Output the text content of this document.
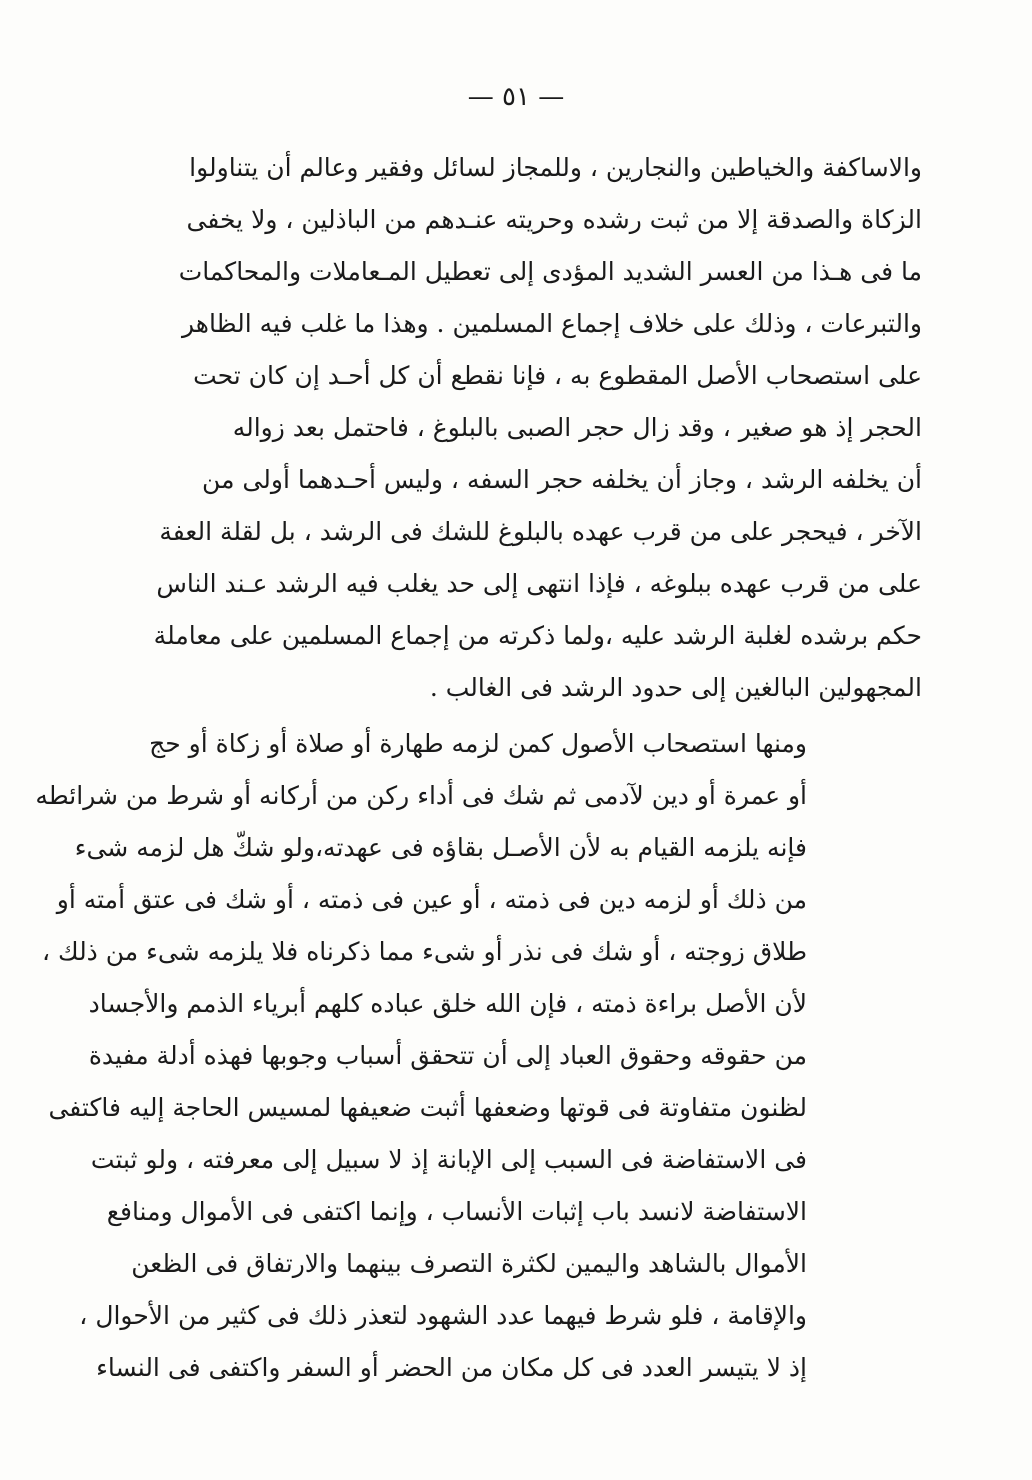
— ٥١ —
والاساكفة والخياطين والنجارين ، وللمجاز لسائل وفقير وعالم أن يتناولوا
الزكاة والصدقة إلا من ثبت رشده وحريته عنـدهم من الباذلين ، ولا يخفى
ما فى هـذا من العسر الشديد المؤدى إلى تعطيل المـعاملات والمحاكمات
والتبرعات ، وذلك على خلاف إجماع المسلمين . وهذا ما غلب فيه الظاهر
على استصحاب الأصل المقطوع به ، فإنا نقطع أن كل أحـد إن كان تحت
الحجر إذ هو صغير ، وقد زال حجر الصبى بالبلوغ ، فاحتمل بعد زواله
أن يخلفه الرشد ، وجاز أن يخلفه حجر السفه ، وليس أحـدهما أولى من
الآخر ، فيحجر على من قرب عهده بالبلوغ للشك فى الرشد ، بل لقلة العفة
على من قرب عهده ببلوغه ، فإذا انتهى إلى حد يغلب فيه الرشد عـند الناس
حكم برشده لغلبة الرشد عليه ،ولما ذكرته من إجماع المسلمين على معاملة
المجهولين البالغين إلى حدود الرشد فى الغالب .
ومنها استصحاب الأصول كمن لزمه طهارة أو صلاة أو زكاة أو حج
أو عمرة أو دين لآدمى ثم شك فى أداء ركن من أركانه أو شرط من شرائطه
فإنه يلزمه القيام به لأن الأصـل بقاؤه فى عهدته،ولو شكّ هل لزمه شىء
من ذلك أو لزمه دين فى ذمته ، أو عين فى ذمته ، أو شك فى عتق أمته أو
طلاق زوجته ، أو شك فى نذر أو شىء مما ذكرناه فلا يلزمه شىء من ذلك ،
لأن الأصل براءة ذمته ، فإن الله خلق عباده كلهم أبرياء الذمم والأجساد
من حقوقه وحقوق العباد إلى أن تتحقق أسباب وجوبها فهذه أدلة مفيدة
لظنون متفاوتة فى قوتها وضعفها أثبت ضعيفها لمسيس الحاجة إليه فاكتفى
فى الاستفاضة فى السبب إلى الإبانة إذ لا سبيل إلى معرفته ، ولو ثبتت
الاستفاضة لانسد باب إثبات الأنساب ، وإنما اكتفى فى الأموال ومنافع
الأموال بالشاهد واليمين لكثرة التصرف بينهما والارتفاق فى الظعن
والإقامة ، فلو شرط فيهما عدد الشهود لتعذر ذلك فى كثير من الأحوال ،
إذ لا يتيسر العدد فى كل مكان من الحضر أو السفر واكتفى فى النساء
